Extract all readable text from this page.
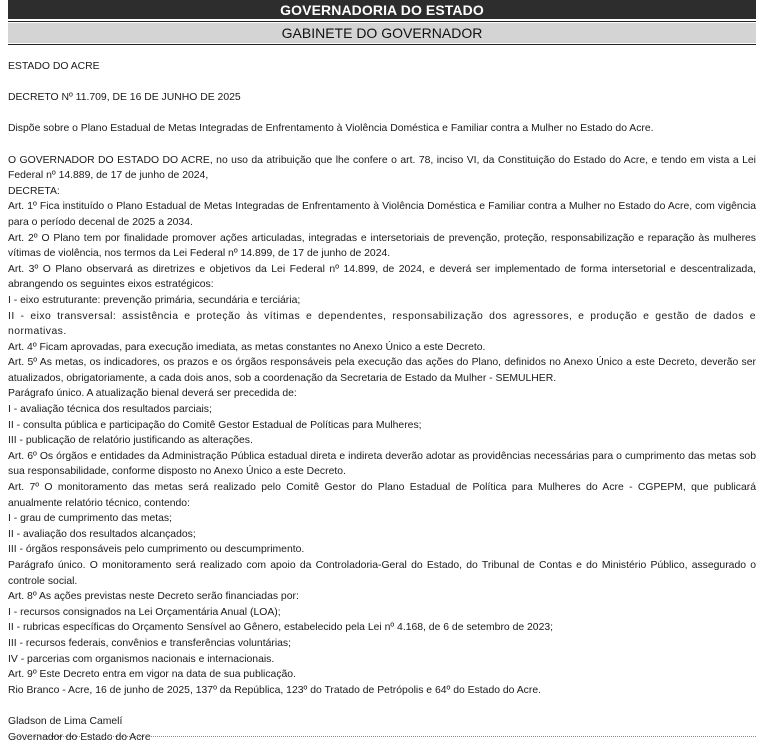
GOVERNADORIA DO ESTADO
GABINETE DO GOVERNADOR

ESTADO DO ACRE

DECRETO Nº 11.709, DE 16 DE JUNHO DE 2025

Dispõe sobre o Plano Estadual de Metas Integradas de Enfrentamento à Violência Doméstica e Familiar contra a Mulher no Estado do Acre.

O GOVERNADOR DO ESTADO DO ACRE, no uso da atribuição que lhe confere o art. 78, inciso VI, da Constituição do Estado do Acre, e tendo em vista a Lei Federal nº 14.889, de 17 de junho de 2024,

DECRETA:

Art. 1º Fica instituído o Plano Estadual de Metas Integradas de Enfrentamento à Violência Doméstica e Familiar contra a Mulher no Estado do Acre, com vigência para o período decenal de 2025 a 2034.

Art. 2º O Plano tem por finalidade promover ações articuladas, integradas e intersetoriais de prevenção, proteção, responsabilização e reparação às mulheres vítimas de violência, nos termos da Lei Federal nº 14.899, de 17 de junho de 2024.

Art. 3º O Plano observará as diretrizes e objetivos da Lei Federal nº 14.899, de 2024, e deverá ser implementado de forma intersetorial e descentralizada, abrangendo os seguintes eixos estratégicos:

I - eixo estruturante: prevenção primária, secundária e terciária;

II - eixo transversal: assistência e proteção às vítimas e dependentes, responsabilização dos agressores, e produção e gestão de dados e normativas.

Art. 4º Ficam aprovadas, para execução imediata, as metas constantes no Anexo Único a este Decreto.

Art. 5º As metas, os indicadores, os prazos e os órgãos responsáveis pela execução das ações do Plano, definidos no Anexo Único a este Decreto, deverão ser atualizados, obrigatoriamente, a cada dois anos, sob a coordenação da Secretaria de Estado da Mulher - SEMULHER.

Parágrafo único. A atualização bienal deverá ser precedida de:

I - avaliação técnica dos resultados parciais;

II - consulta pública e participação do Comitê Gestor Estadual de Políticas para Mulheres;

III - publicação de relatório justificando as alterações.

Art. 6º Os órgãos e entidades da Administração Pública estadual direta e indireta deverão adotar as providências necessárias para o cumprimento das metas sob sua responsabilidade, conforme disposto no Anexo Único a este Decreto.

Art. 7º O monitoramento das metas será realizado pelo Comitê Gestor do Plano Estadual de Política para Mulheres do Acre - CGPEPM, que publicará anualmente relatório técnico, contendo:

I - grau de cumprimento das metas;

II - avaliação dos resultados alcançados;

III - órgãos responsáveis pelo cumprimento ou descumprimento.

Parágrafo único. O monitoramento será realizado com apoio da Controladoria-Geral do Estado, do Tribunal de Contas e do Ministério Público, assegurado o controle social.

Art. 8º As ações previstas neste Decreto serão financiadas por:

I - recursos consignados na Lei Orçamentária Anual (LOA);

II - rubricas específicas do Orçamento Sensível ao Gênero, estabelecido pela Lei nº 4.168, de 6 de setembro de 2023;

III - recursos federais, convênios e transferências voluntárias;

IV - parcerias com organismos nacionais e internacionais.

Art. 9º Este Decreto entra em vigor na data de sua publicação.

Rio Branco - Acre, 16 de junho de 2025, 137º da República, 123º do Tratado de Petrópolis e 64º do Estado do Acre.

Gladson de Lima Camelí

Governador do Estado do Acre
